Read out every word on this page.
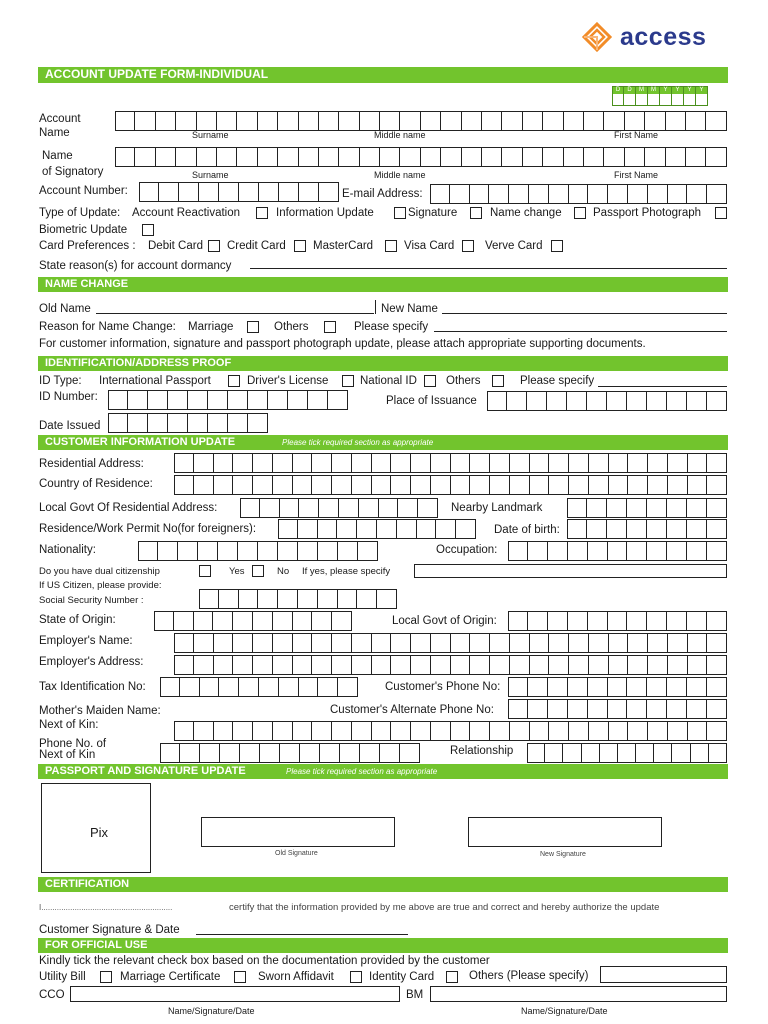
access
ACCOUNT UPDATE FORM-INDIVIDUAL
D	D	M	M	Y	Y	Y	Y
Account
Name	Surname	Middle name	First Name
Name
of Signatory	Surname	Middle name	First Name
Account Number:	E-mail Address:
Type of Update: Account Reactivation	Information Update	Signature	Name change	Passport Photograph
Biometric Update
Card Preferences : Debit Card Credit Card MasterCard	Visa Card	Verve Card
State reason(s) for account dormancy
NAME CHANGE
Old Name	New Name
Reason for Name Change: Marriage	Others	Please specify
For customer information, signature and passport photograph update, please attach appropriate supporting documents.
IDENTIFICATION/ADDRESS PROOF
ID Type: International Passport	Driver's License	National ID	Others	Please specify
ID Number:	Place of Issuance
Date Issued
CUSTOMER INFORMATION UPDATE	Please tick required section as appropriate
Residential Address:
Country of Residence:
Local Govt Of Residential Address:	Nearby Landmark
Residence/Work Permit No(for foreigners):	Date of birth:
Nationality:	Occupation:
Do you have dual citizenship	Yes	No If yes, please specify
If US Citizen, please provide:
Social Security Number :
State of Origin:	Local Govt of Origin:
Employer's Name:
Employer's Address:
Tax Identification No:	Customer's Phone No:
Mother's Maiden Name:	Customer's Alternate Phone No:
Next of Kin:
Phone No. of
Next of Kin	Relationship
PASSPORT AND SIGNATURE UPDATE	Please tick required section as appropriate
Pix
Old Signature	New Signature
CERTIFICATION
I...........................................................	certify that the information provided by me above are true and correct and hereby authorize the update
Customer Signature & Date
FOR OFFICIAL USE
Kindly tick the relevant check box based on the documentation provided by the customer
Utility Bill	Marriage Certificate	Sworn Affidavit	Identity Card	Others (Please specify)
CCO	BM
Name/Signature/Date	Name/Signature/Date
